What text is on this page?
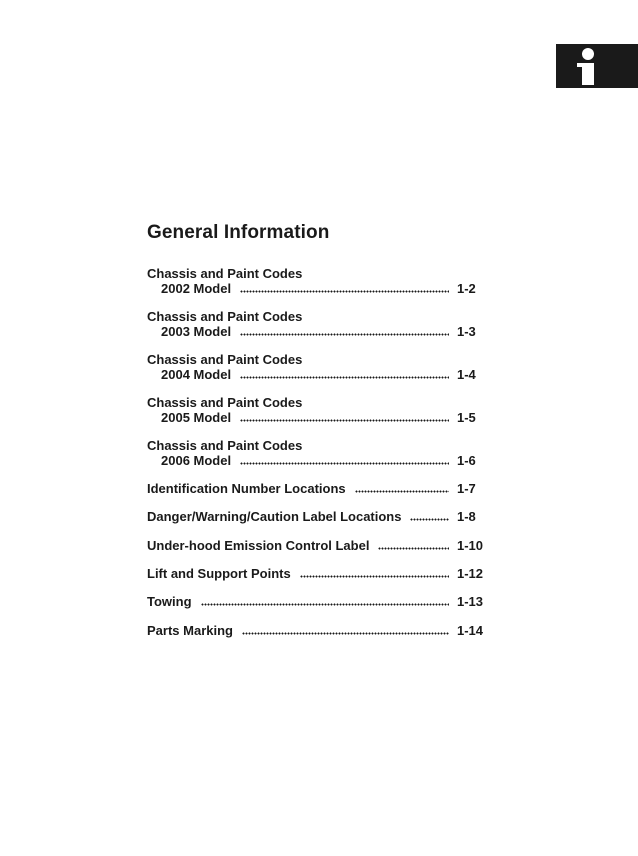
General Information
Chassis and Paint Codes
2002 Model	1-2
Chassis and Paint Codes
2003 Model	1-3
Chassis and Paint Codes
2004 Model	1-4
Chassis and Paint Codes
2005 Model	1-5
Chassis and Paint Codes
2006 Model	1-6
Identification Number Locations	1-7
Danger/Warning/Caution Label Locations	1-8
Under-hood Emission Control Label	1-10
Lift and Support Points	1-12
Towing	1-13
Parts Marking	1-14
